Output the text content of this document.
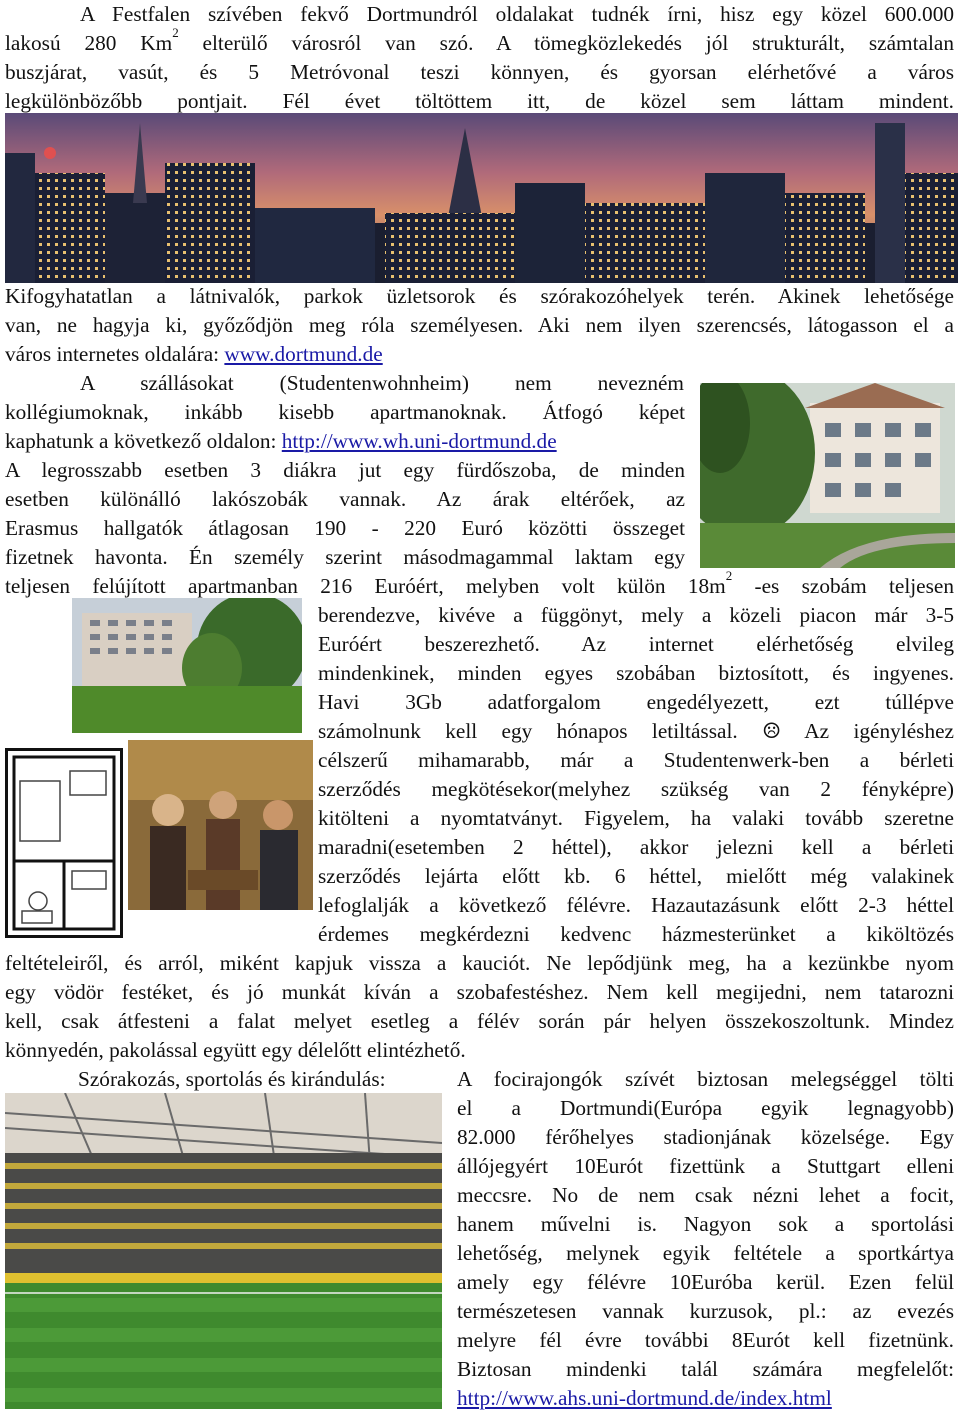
A Festfalen szívében fekvő Dortmundról oldalakat tudnék írni, hisz egy közel 600.000
lakosú 280 Km$^2$ elterülő városról van szó. A tömegközlekedés jól strukturált, számtalan
buszjárat, vasút, és 5 Metróvonal teszi könnyen, és gyorsan elérhetővé a város
legkülönbözőbb pontjait. Fél évet töltöttem itt, de közel sem láttam mindent.
Kifogyhatatlan a látnivalók, parkok üzletsorok és szórakozóhelyek terén. Akinek lehetősége
van, ne hagyja ki, győződjön meg róla személyesen. Aki nem ilyen szerencsés, látogasson el a
város internetes oldalára: www.dortmund.de
A szállásokat (Studentenwohnheim) nem nevezném
kollégiumoknak, inkább kisebb apartmanoknak. Átfogó képet
kaphatunk a következő oldalon: http://www.wh.uni-dortmund.de
A legrosszabb esetben 3 diákra jut egy fürdőszoba, de minden
esetben különálló lakószobák vannak. Az árak eltérőek, az
Erasmus hallgatók átlagosan 190 - 220 Euró közötti összeget
fizetnek havonta. Én személy szerint másodmagammal laktam egy
teljesen felújított apartmanban 216 Euróért, melyben volt külön $18m^2$ -es szobám teljesen
berendezve, kivéve a függönyt, mely a közeli piacon már 3-5
Euróért beszerezhető. Az internet elérhetőség elvileg
mindenkinek, minden egyes szobában biztosított, és ingyenes.
Havi 3Gb adatforgalom engedélyezett, ezt túllépve
számolnunk kell egy hónapos letiltással. ☹ Az igényléshez
célszerű mihamarabb, már a Studentenwerk-ben a bérleti
szerződés megkötésekor(melyhez szükség van 2 fényképre)
kitölteni a nyomtatványt. Figyelem, ha valaki tovább szeretne
maradni(esetemben 2 héttel), akkor jelezni kell a bérleti
szerződés lejárta előtt kb. 6 héttel, mielőtt még valakinek
lefoglalják a következő félévre. Hazautazásunk előtt 2-3 héttel
érdemes megkérdezni kedvenc házmesterünket a kiköltözés
feltételeiről, és arról, miként kapjuk vissza a kauciót. Ne lepődjünk meg, ha a kezünkbe nyom
egy vödör festéket, és jó munkát kíván a szobafestéshez. Nem kell megijedni, nem tatarozni
kell, csak átfesteni a falat melyet esetleg a félév során pár helyen összekoszoltunk. Mindez
könnyedén, pakolással együtt egy délelőtt elintézhető.
Szórakozás, sportolás és kirándulás:	A focirajongók szívét biztosan melegséggel tölti
el a Dortmundi(Európa egyik legnagyobb)
82.000 férőhelyes stadionjának közelsége. Egy
állójegyért 10Eurót fizettünk a Stuttgart elleni
meccsre. No de nem csak nézni lehet a focit,
hanem művelni is. Nagyon sok a sportolási
lehetőség, melynek egyik feltétele a sportkártya
amely egy félévre 10Euróba kerül. Ezen felül
természetesen vannak kurzusok, pl.: az evezés
melyre fél évre további 8Eurót kell fizetnünk.
Biztosan mindenki talál számára megfelelőt:
http://www.ahs.uni-dortmund.de/index.html
